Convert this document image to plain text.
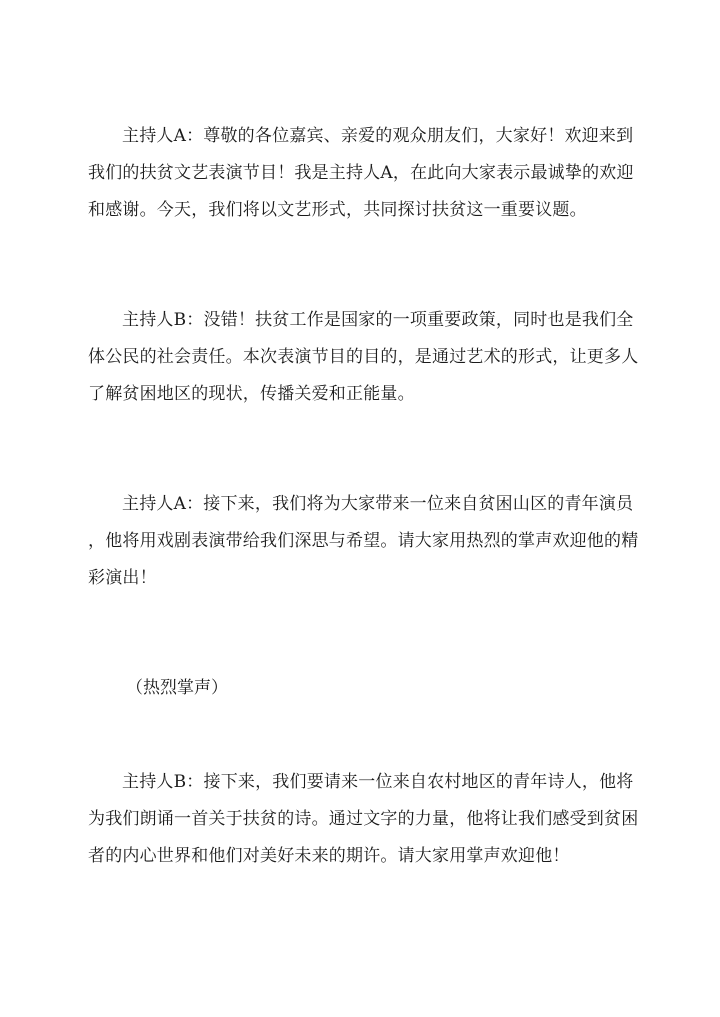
主持人A：尊敬的各位嘉宾、亲爱的观众朋友们，大家好！欢迎来到
我们的扶贫文艺表演节目！我是主持人A，在此向大家表示最诚挚的欢迎
和感谢。今天，我们将以文艺形式，共同探讨扶贫这一重要议题。

主持人B：没错！扶贫工作是国家的一项重要政策，同时也是我们全
体公民的社会责任。本次表演节目的目的，是通过艺术的形式，让更多人
了解贫困地区的现状，传播关爱和正能量。

主持人A：接下来，我们将为大家带来一位来自贫困山区的青年演员
，他将用戏剧表演带给我们深思与希望。请大家用热烈的掌声欢迎他的精
彩演出！

（热烈掌声）

主持人B：接下来，我们要请来一位来自农村地区的青年诗人，他将
为我们朗诵一首关于扶贫的诗。通过文字的力量，他将让我们感受到贫困
者的内心世界和他们对美好未来的期许。请大家用掌声欢迎他！
